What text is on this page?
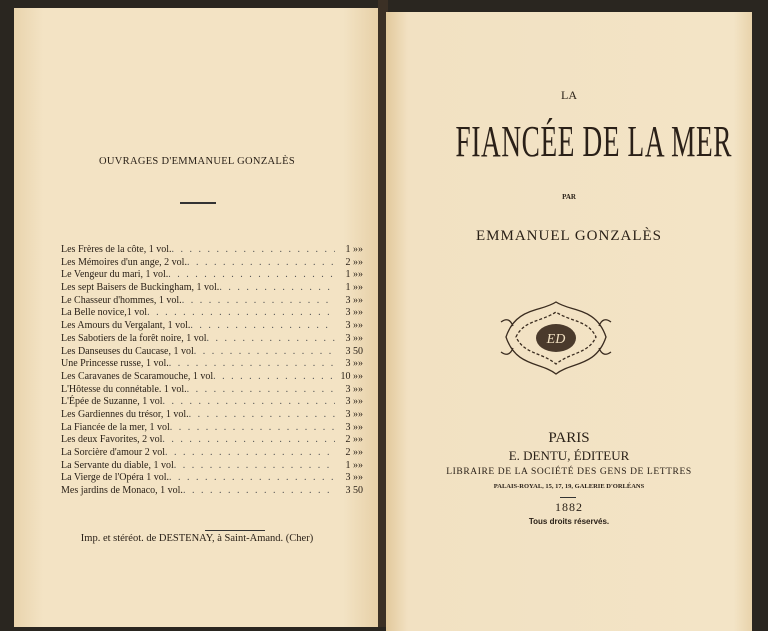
OUVRAGES D'EMMANUEL GONZALÈS
Les Frères de la côte, 1 vol. . . .	1 »»
Les Mémoires d'un ange, 2 vol. . . .	2 »»
Le Vengeur du mari, 1 vol. . . .	1 »»
Les sept Baisers de Buckingham, 1 vol. . . .	1 »»
Le Chasseur d'hommes, 1 vol. . . .	3 »»
La Belle novice,1 vol . . .	3 »»
Les Amours du Vergalant, 1 vol. . . .	3 »»
Les Sabotiers de la forêt noire, 1 vol . . .	3 »»
Les Danseuses du Caucase, 1 vol . . .	3 50
Une Princesse russe, 1 vol. . . .	3 »»
Les Caravanes de Scaramouche, 1 vol . . .	10 »»
L'Hôtesse du connétable. 1 vol. . . .	3 »»
L'Épée de Suzanne, 1 vol . . .	3 »»
Les Gardiennes du trésor, 1 vol. . . .	3 »»
La Fiancée de la mer, 1 vol . . .	3 »»
Les deux Favorites, 2 vol . . .	2 »»
La Sorcière d'amour 2 vol . . .	2 »»
La Servante du diable, 1 vol . . .	1 »»
La Vierge de l'Opéra 1 vol. . . .	3 »»
Mes jardins de Monaco, 1 vol. . . .	3 50
Imp. et stéréot. de DESTENAY, à Saint-Amand. (Cher)
LA
FIANCÉE DE LA MER
PAR
EMMANUEL GONZALÈS
ED
PARIS
E. DENTU, ÉDITEUR
LIBRAIRE DE LA SOCIÉTÉ DES GENS DE LETTRES
PALAIS-ROYAL, 15, 17, 19, GALERIE D'ORLÉANS
1882
Tous droits réservés.
